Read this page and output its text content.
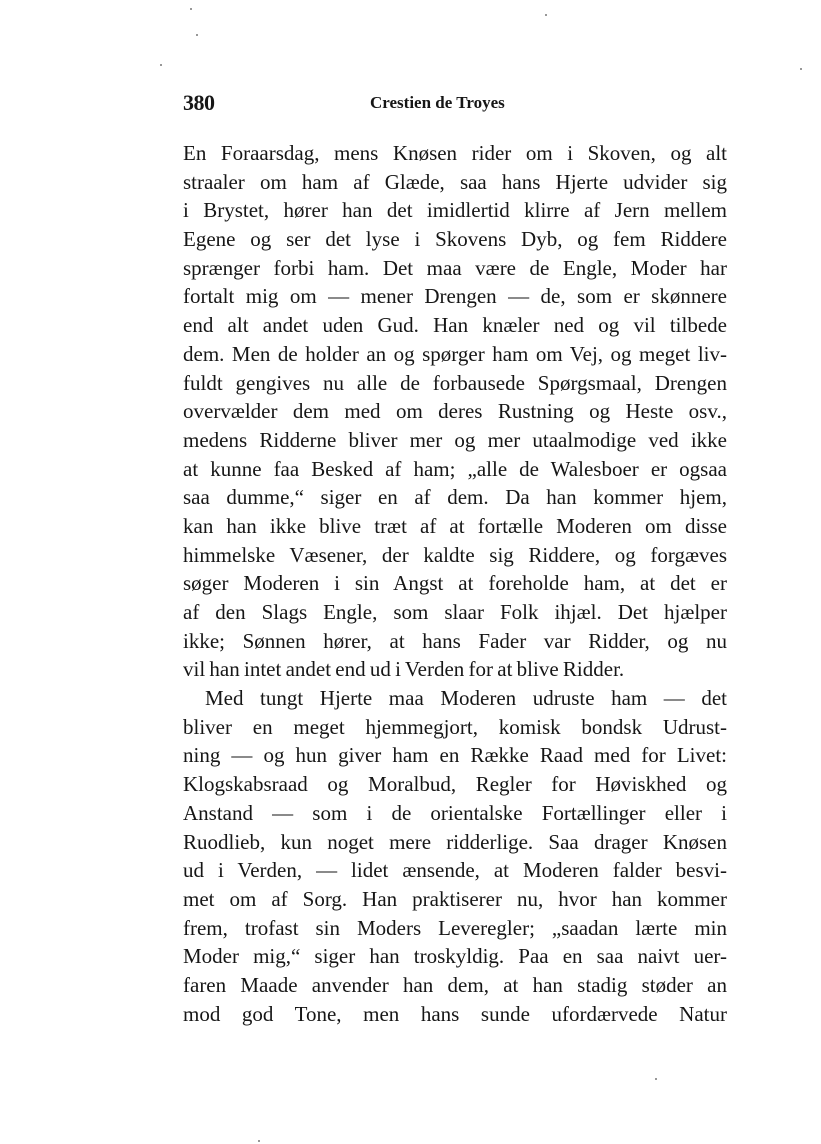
380	Crestien de Troyes
En Foraarsdag, mens Knøsen rider om i Skoven, og alt
straaler om ham af Glæde, saa hans Hjerte udvider sig
i Brystet, hører han det imidlertid klirre af Jern mellem
Egene og ser det lyse i Skovens Dyb, og fem Riddere
sprænger forbi ham. Det maa være de Engle, Moder har
fortalt mig om — mener Drengen — de, som er skønnere
end alt andet uden Gud. Han knæler ned og vil tilbede
dem. Men de holder an og spørger ham om Vej, og meget liv-
fuldt gengives nu alle de forbausede Spørgsmaal, Drengen
overvælder dem med om deres Rustning og Heste osv.,
medens Ridderne bliver mer og mer utaalmodige ved ikke
at kunne faa Besked af ham; „alle de Walesboer er ogsaa
saa dumme,“ siger en af dem. Da han kommer hjem,
kan han ikke blive træt af at fortælle Moderen om disse
himmelske Væsener, der kaldte sig Riddere, og forgæves
søger Moderen i sin Angst at foreholde ham, at det er
af den Slags Engle, som slaar Folk ihjæl. Det hjælper
ikke; Sønnen hører, at hans Fader var Ridder, og nu
vil han intet andet end ud i Verden for at blive Ridder.
Med tungt Hjerte maa Moderen udruste ham — det
bliver en meget hjemmegjort, komisk bondsk Udrust-
ning — og hun giver ham en Række Raad med for Livet:
Klogskabsraad og Moralbud, Regler for Høviskhed og
Anstand — som i de orientalske Fortællinger eller i
Ruodlieb, kun noget mere ridderlige. Saa drager Knøsen
ud i Verden, — lidet ænsende, at Moderen falder besvi-
met om af Sorg. Han praktiserer nu, hvor han kommer
frem, trofast sin Moders Leveregler; „saadan lærte min
Moder mig,“ siger han troskyldig. Paa en saa naivt uer-
faren Maade anvender han dem, at han stadig støder an
mod god Tone, men hans sunde ufordærvede Natur
